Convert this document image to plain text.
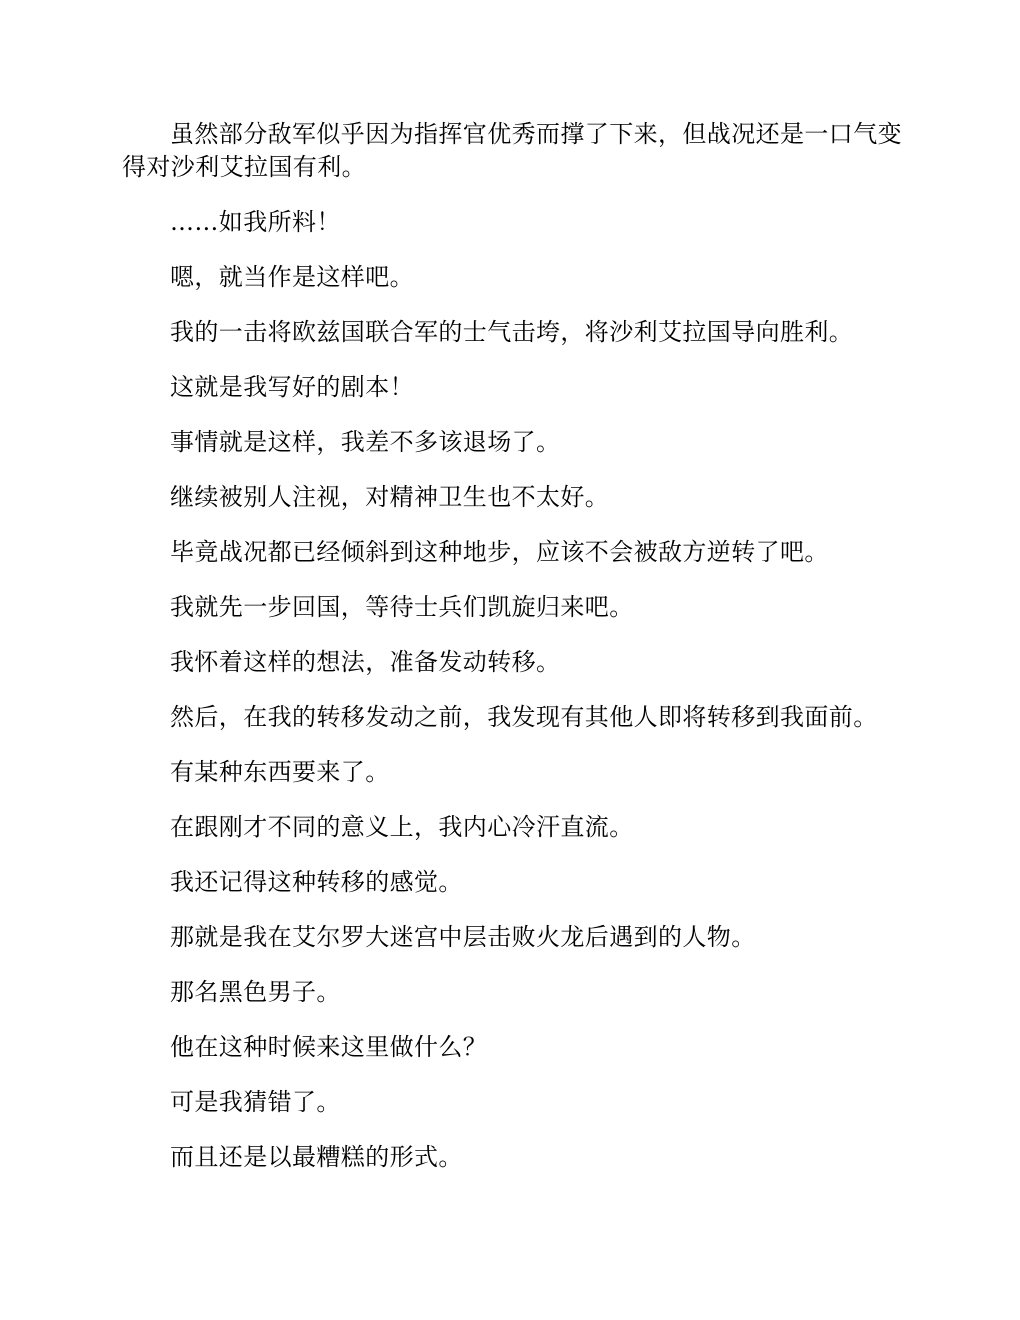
虽然部分敌军似乎因为指挥官优秀而撑了下来，但战况还是一口气变得对沙利艾拉国有利。

……如我所料！

嗯，就当作是这样吧。

我的一击将欧兹国联合军的士气击垮，将沙利艾拉国导向胜利。

这就是我写好的剧本！

事情就是这样，我差不多该退场了。

继续被别人注视，对精神卫生也不太好。

毕竟战况都已经倾斜到这种地步，应该不会被敌方逆转了吧。

我就先一步回国，等待士兵们凯旋归来吧。

我怀着这样的想法，准备发动转移。

然后，在我的转移发动之前，我发现有其他人即将转移到我面前。

有某种东西要来了。

在跟刚才不同的意义上，我内心冷汗直流。

我还记得这种转移的感觉。

那就是我在艾尔罗大迷宫中层击败火龙后遇到的人物。

那名黑色男子。

他在这种时候来这里做什么？

可是我猜错了。

而且还是以最糟糕的形式。
